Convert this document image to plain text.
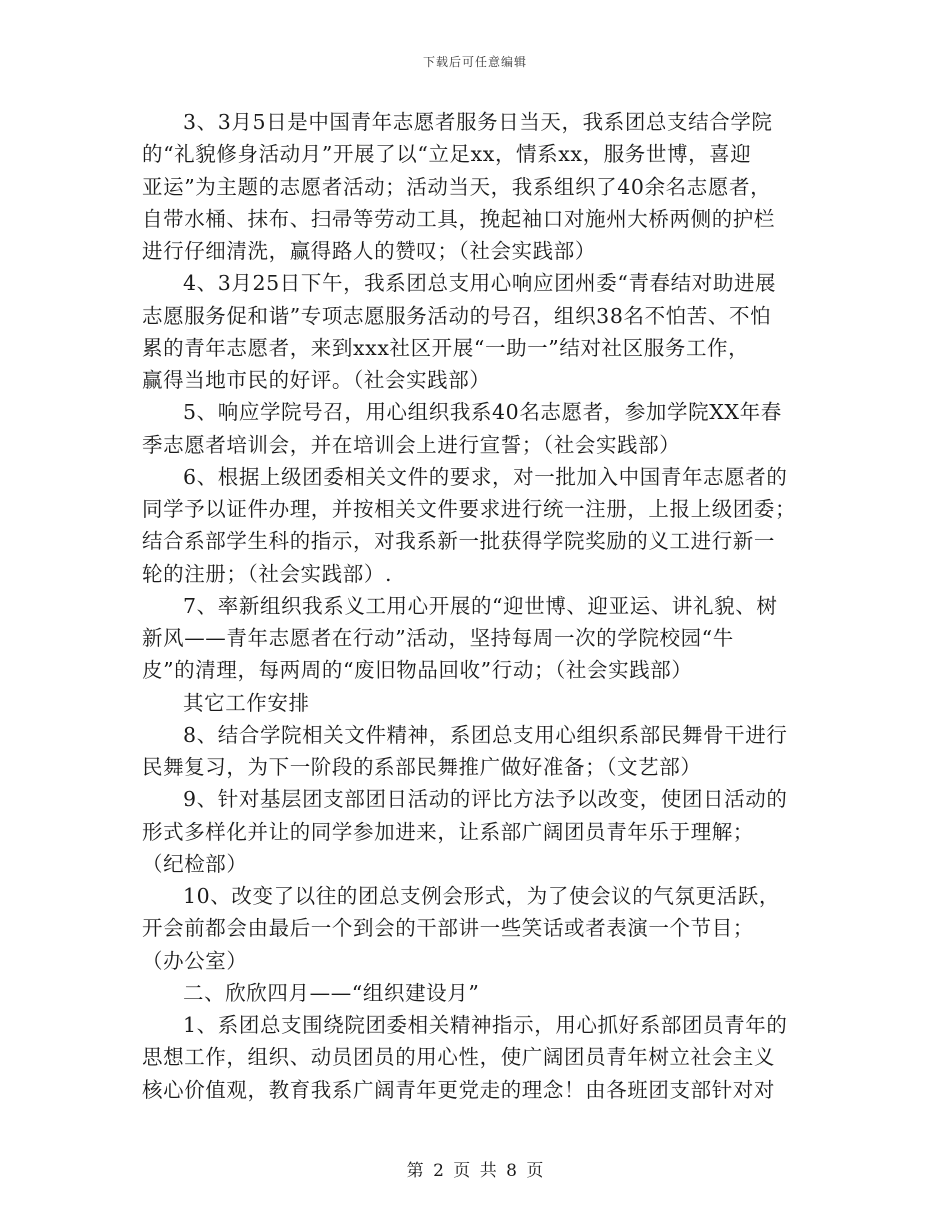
下载后可任意编辑
3、3月5日是中国青年志愿者服务日当天，我系团总支结合学院
的“礼貌修身活动月”开展了以“立足xx，情系xx，服务世博，喜迎
亚运”为主题的志愿者活动；活动当天，我系组织了40余名志愿者，
自带水桶、抹布、扫帚等劳动工具，挽起袖口对施州大桥两侧的护栏
进行仔细清洗，赢得路人的赞叹；（社会实践部）
4、3月25日下午，我系团总支用心响应团州委“青春结对助进展
志愿服务促和谐”专项志愿服务活动的号召，组织38名不怕苦、不怕
累的青年志愿者，来到xxx社区开展“一助一”结对社区服务工作，
赢得当地市民的好评。（社会实践部）
5、响应学院号召，用心组织我系40名志愿者，参加学院XX年春
季志愿者培训会，并在培训会上进行宣誓；（社会实践部）
6、根据上级团委相关文件的要求，对一批加入中国青年志愿者的
同学予以证件办理，并按相关文件要求进行统一注册，上报上级团委；
结合系部学生科的指示，对我系新一批获得学院奖励的义工进行新一
轮的注册；（社会实践部）.
7、率新组织我系义工用心开展的“迎世博、迎亚运、讲礼貌、树
新风——青年志愿者在行动”活动，坚持每周一次的学院校园“牛
皮”的清理，每两周的“废旧物品回收”行动；（社会实践部）
其它工作安排
8、结合学院相关文件精神，系团总支用心组织系部民舞骨干进行
民舞复习，为下一阶段的系部民舞推广做好准备；（文艺部）
9、针对基层团支部团日活动的评比方法予以改变，使团日活动的
形式多样化并让的同学参加进来，让系部广阔团员青年乐于理解；
（纪检部）
10、改变了以往的团总支例会形式，为了使会议的气氛更活跃，
开会前都会由最后一个到会的干部讲一些笑话或者表演一个节目；
（办公室）
二、欣欣四月——“组织建设月”
1、系团总支围绕院团委相关精神指示，用心抓好系部团员青年的
思想工作，组织、动员团员的用心性，使广阔团员青年树立社会主义
核心价值观，教育我系广阔青年更党走的理念！由各班团支部针对对
第 2 页 共 8 页
